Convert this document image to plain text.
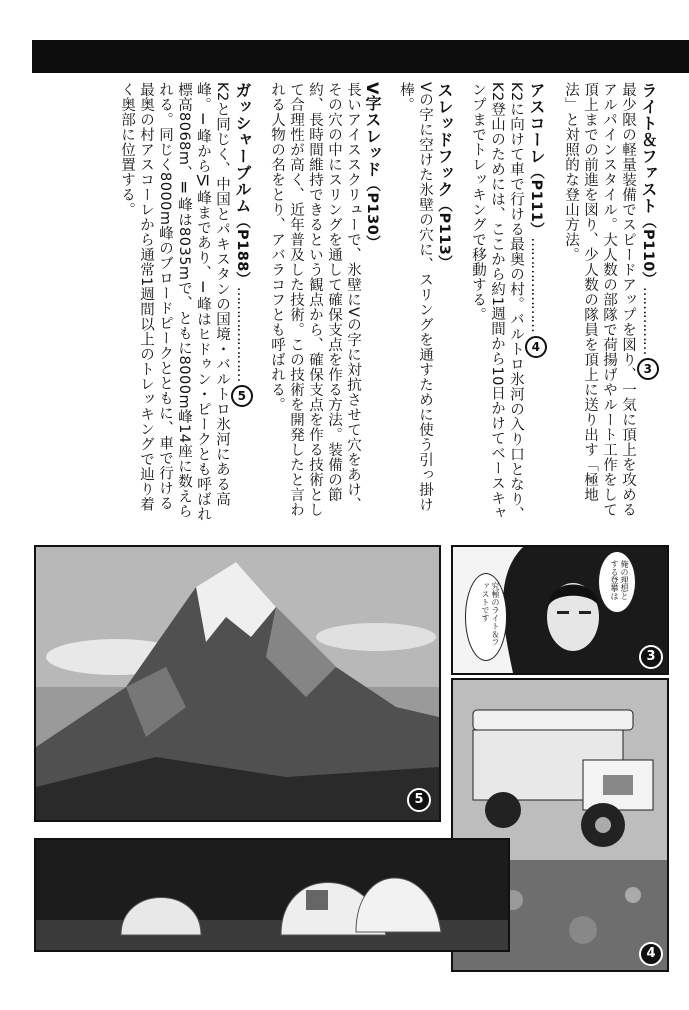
ライト＆ファスト（P110）……………3
最少限の軽量装備でスピードアップを図り、一気に頂上を攻めるアルパインスタイル。大人数の部隊で荷揚げやルート工作をして頂上までの前進を図り、少人数の隊員を頂上に送り出す「極地法」と対照的な登山方法。
アスコーレ（P111）…………………4
K2に向けて車で行ける最奥の村。バルトロ氷河の入り口となり、K2登山のためには、ここから約1週間から10日かけてベースキャンプまでトレッキングで移動する。
スレッドフック（P113）
Vの字に空けた氷壁の穴に、スリングを通すために使う引っ掛け棒。
V字スレッド（P130）
長いアイススクリューで、氷壁にVの字に対抗させて穴をあけ、その穴の中にスリングを通して確保支点を作る方法。装備の節約、長時間維持できるという観点から、確保支点を作る技術として合理性が高く、近年普及した技術。この技術を開発したと言われる人物の名をとり、アバラコフとも呼ばれる。
ガッシャーブルム（P188）…………………5
K2と同じく、中国とパキスタンの国境・バルトロ氷河にある高峰。Ⅰ峰からⅥ峰まであり、Ⅰ峰はヒドゥン・ピークとも呼ばれ標高8068m、Ⅱ峰は8035mで、ともに8000m峰14座に数えられる。同じく8000m峰のブロードピークとともに、車で行ける最奥の村アスコーレから通常1週間以上のトレッキングで辿り着く奥部に位置する。
5
俺の理想とする登攀は
究極のライト＆ファストです
3
4
